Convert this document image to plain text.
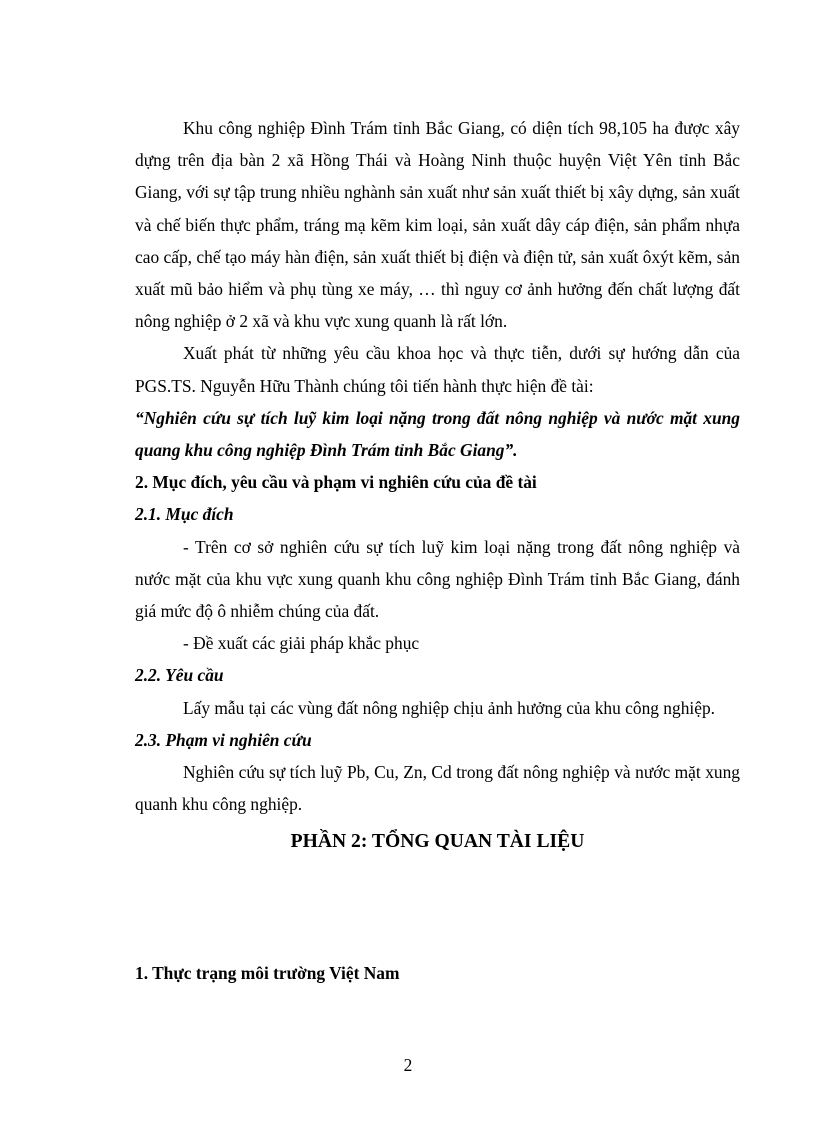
Khu công nghiệp Đình Trám tỉnh Bắc Giang, có diện tích 98,105 ha được xây dựng trên địa bàn 2 xã Hồng Thái và Hoàng Ninh thuộc huyện Việt Yên tỉnh Bắc Giang, với sự tập trung nhiều nghành sản xuất như sản xuất thiết bị xây dựng, sản xuất và chế biến thực phẩm, tráng mạ kẽm kim loại, sản xuất dây cáp điện, sản phẩm nhựa cao cấp, chế tạo máy hàn điện, sản xuất thiết bị điện và điện tử, sản xuất ôxýt kẽm, sản xuất mũ bảo hiểm và phụ tùng xe máy, … thì nguy cơ ảnh hưởng đến chất lượng đất nông nghiệp ở 2 xã và khu vực xung quanh là rất lớn.

Xuất phát từ những yêu cầu khoa học và thực tiễn, dưới sự hướng dẫn của PGS.TS. Nguyễn Hữu Thành chúng tôi tiến hành thực hiện đề tài:

“Nghiên cứu sự tích luỹ kim loại nặng trong đất nông nghiệp và nước mặt xung quang khu công nghiệp Đình Trám tỉnh Bắc Giang”.

2. Mục đích, yêu cầu và phạm vi nghiên cứu của đề tài

2.1. Mục đích

- Trên cơ sở nghiên cứu sự tích luỹ kim loại nặng trong đất nông nghiệp và nước mặt của khu vực xung quanh khu công nghiệp Đình Trám tỉnh Bắc Giang, đánh giá mức độ ô nhiễm chúng của đất.

- Đề xuất các giải pháp khắc phục

2.2. Yêu cầu

Lấy mẫu tại các vùng đất nông nghiệp chịu ảnh hưởng của khu công nghiệp.

2.3. Phạm vi nghiên cứu

Nghiên cứu sự tích luỹ Pb, Cu, Zn, Cd trong đất nông nghiệp và nước mặt xung quanh khu công nghiệp.

PHẦN 2: TỔNG QUAN TÀI LIỆU

1. Thực trạng môi trường Việt Nam
2
